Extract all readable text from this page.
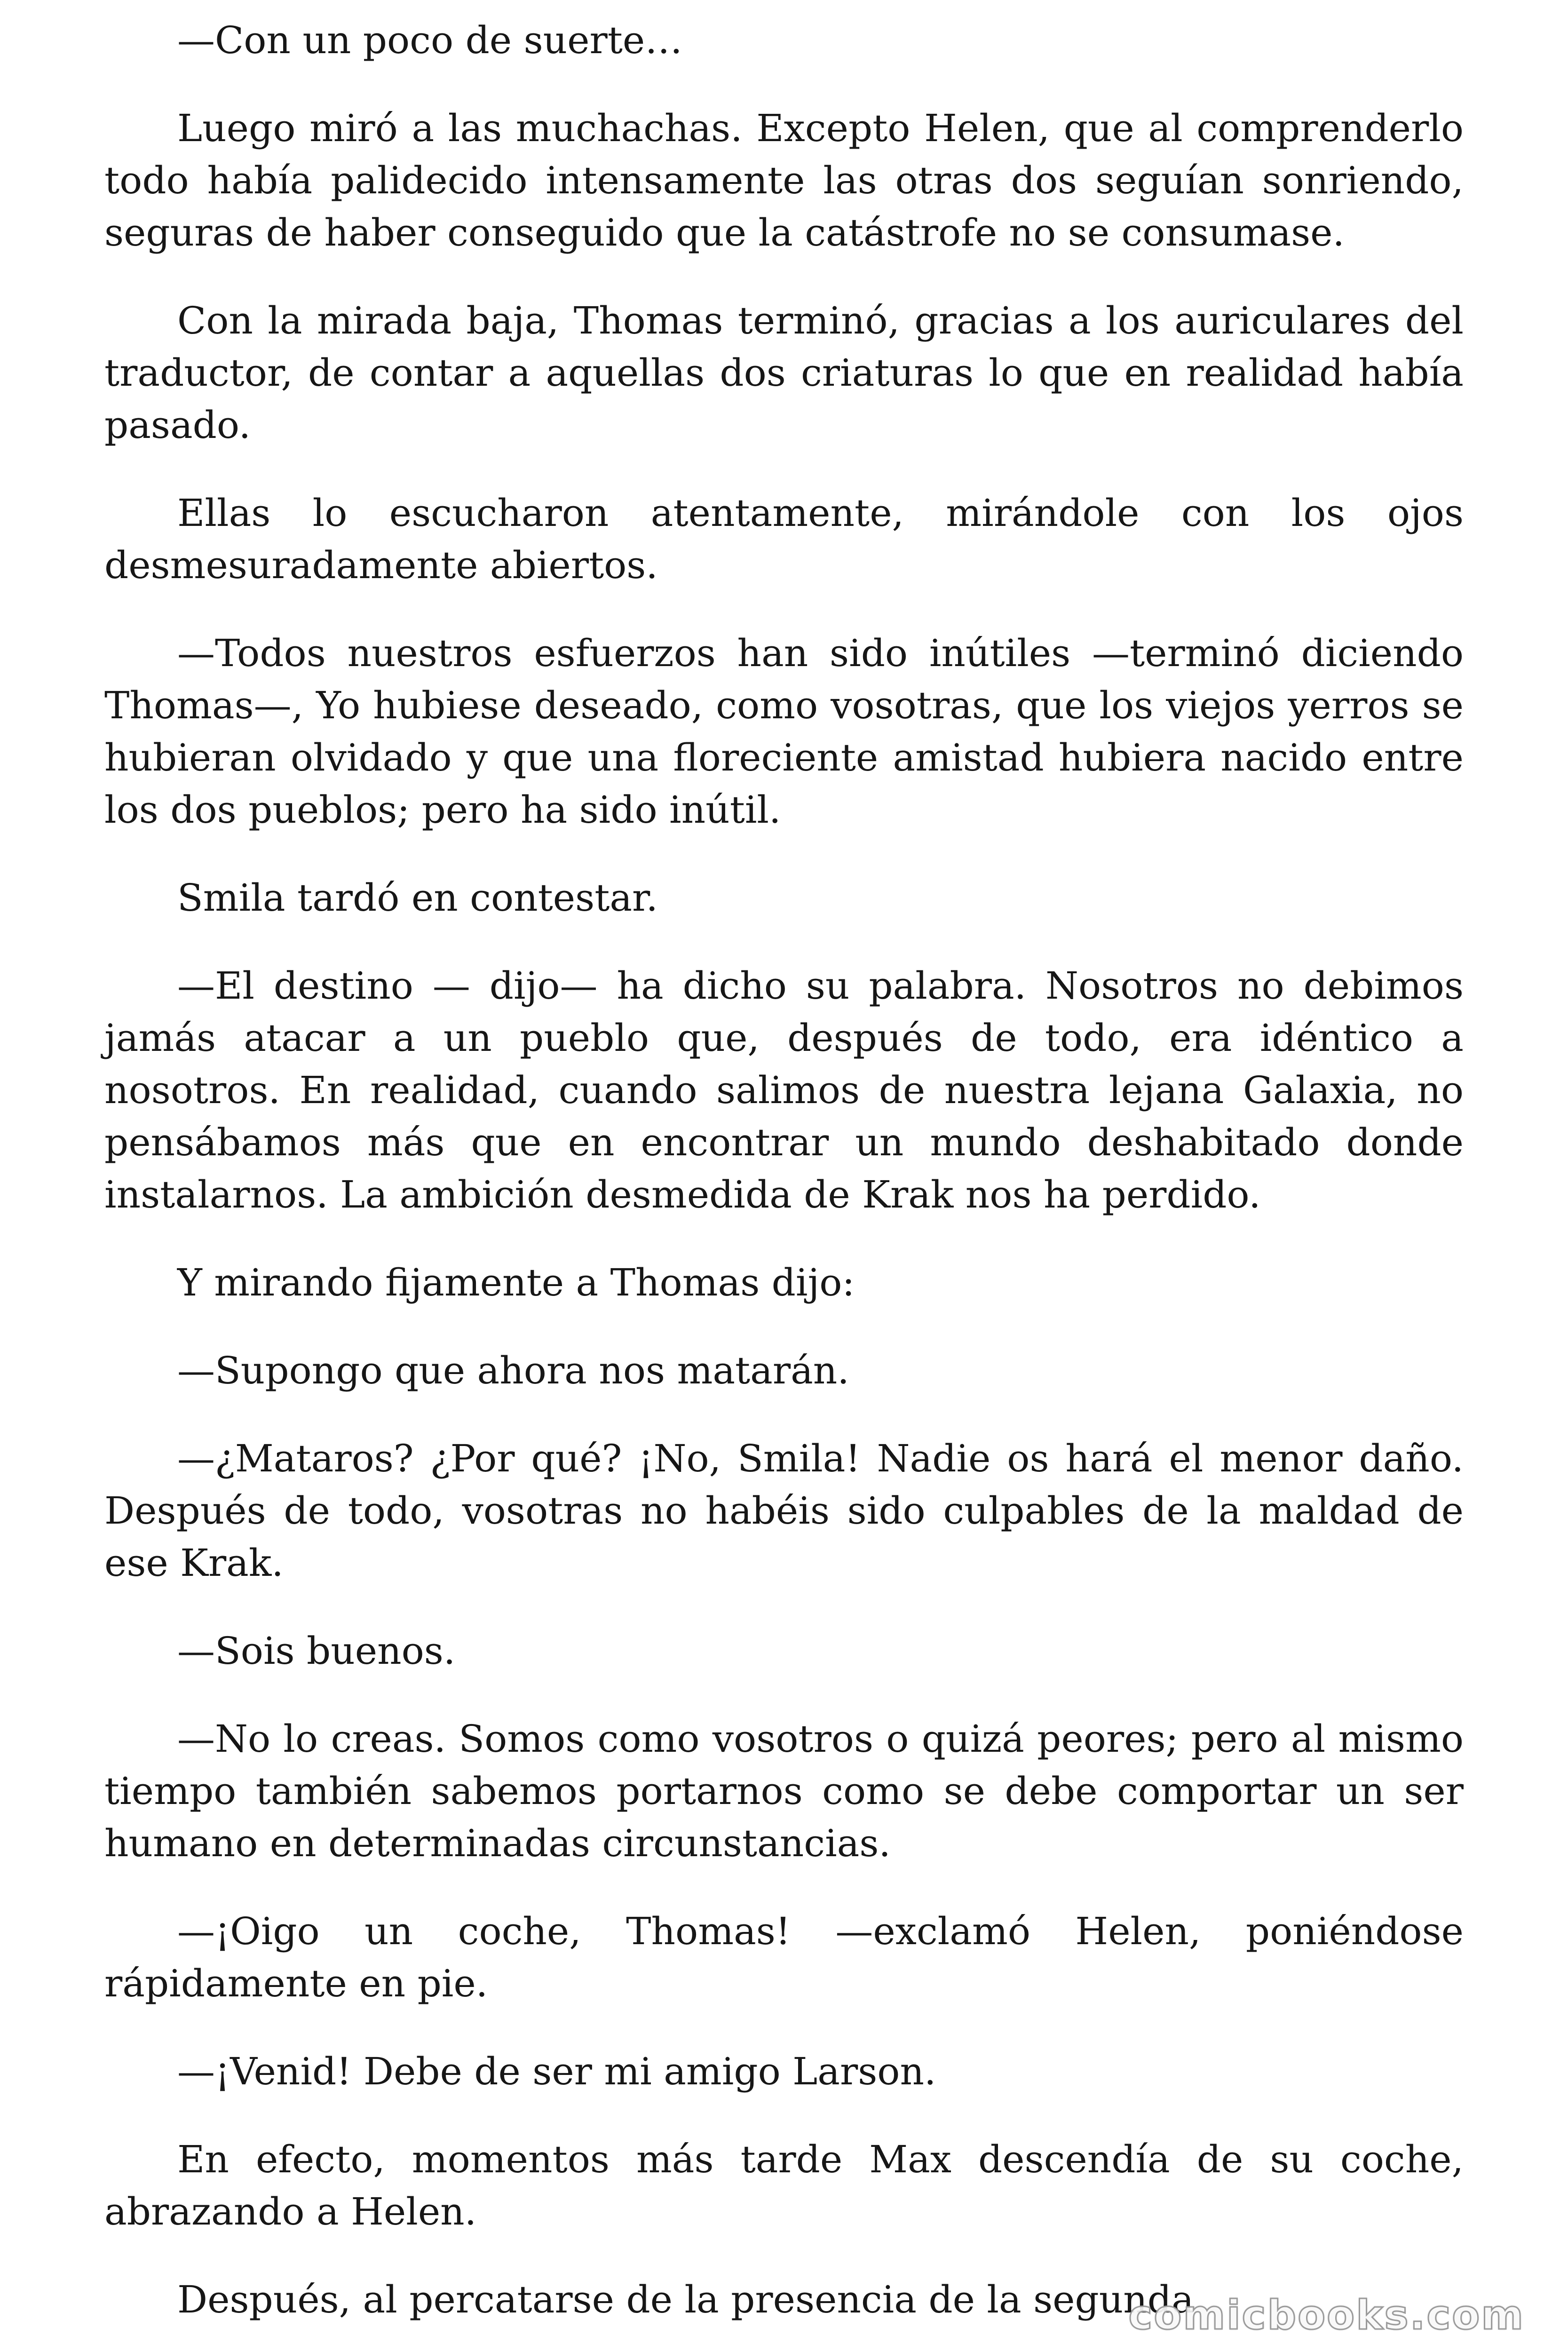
—Con un poco de suerte…

Luego miró a las muchachas. Excepto Helen, que al comprenderlo todo había palidecido intensamente las otras dos seguían sonriendo, seguras de haber conseguido que la catástrofe no se consumase.

Con la mirada baja, Thomas terminó, gracias a los auriculares del traductor, de contar a aquellas dos criaturas lo que en realidad había pasado.

Ellas lo escucharon atentamente, mirándole con los ojos desmesuradamente abiertos.

—Todos nuestros esfuerzos han sido inútiles —terminó diciendo Thomas—, Yo hubiese deseado, como vosotras, que los viejos yerros se hubieran olvidado y que una floreciente amistad hubiera nacido entre los dos pueblos; pero ha sido inútil.

Smila tardó en contestar.

—El destino — dijo— ha dicho su palabra. Nosotros no debimos jamás atacar a un pueblo que, después de todo, era idéntico a nosotros. En realidad, cuando salimos de nuestra lejana Galaxia, no pensábamos más que en encontrar un mundo deshabitado donde instalarnos. La ambición desmedida de Krak nos ha perdido.

Y mirando fijamente a Thomas dijo:

—Supongo que ahora nos matarán.

—¿Mataros? ¿Por qué? ¡No, Smila! Nadie os hará el menor daño. Después de todo, vosotras no habéis sido culpables de la maldad de ese Krak.

—Sois buenos.

—No lo creas. Somos como vosotros o quizá peores; pero al mismo tiempo también sabemos portarnos como se debe comportar un ser humano en determinadas circunstancias.

—¡Oigo un coche, Thomas! —exclamó Helen, poniéndose rápidamente en pie.

—¡Venid! Debe de ser mi amigo Larson.

En efecto, momentos más tarde Max descendía de su coche, abrazando a Helen.

Después, al percatarse de la presencia de la segunda

comicbooks.com
